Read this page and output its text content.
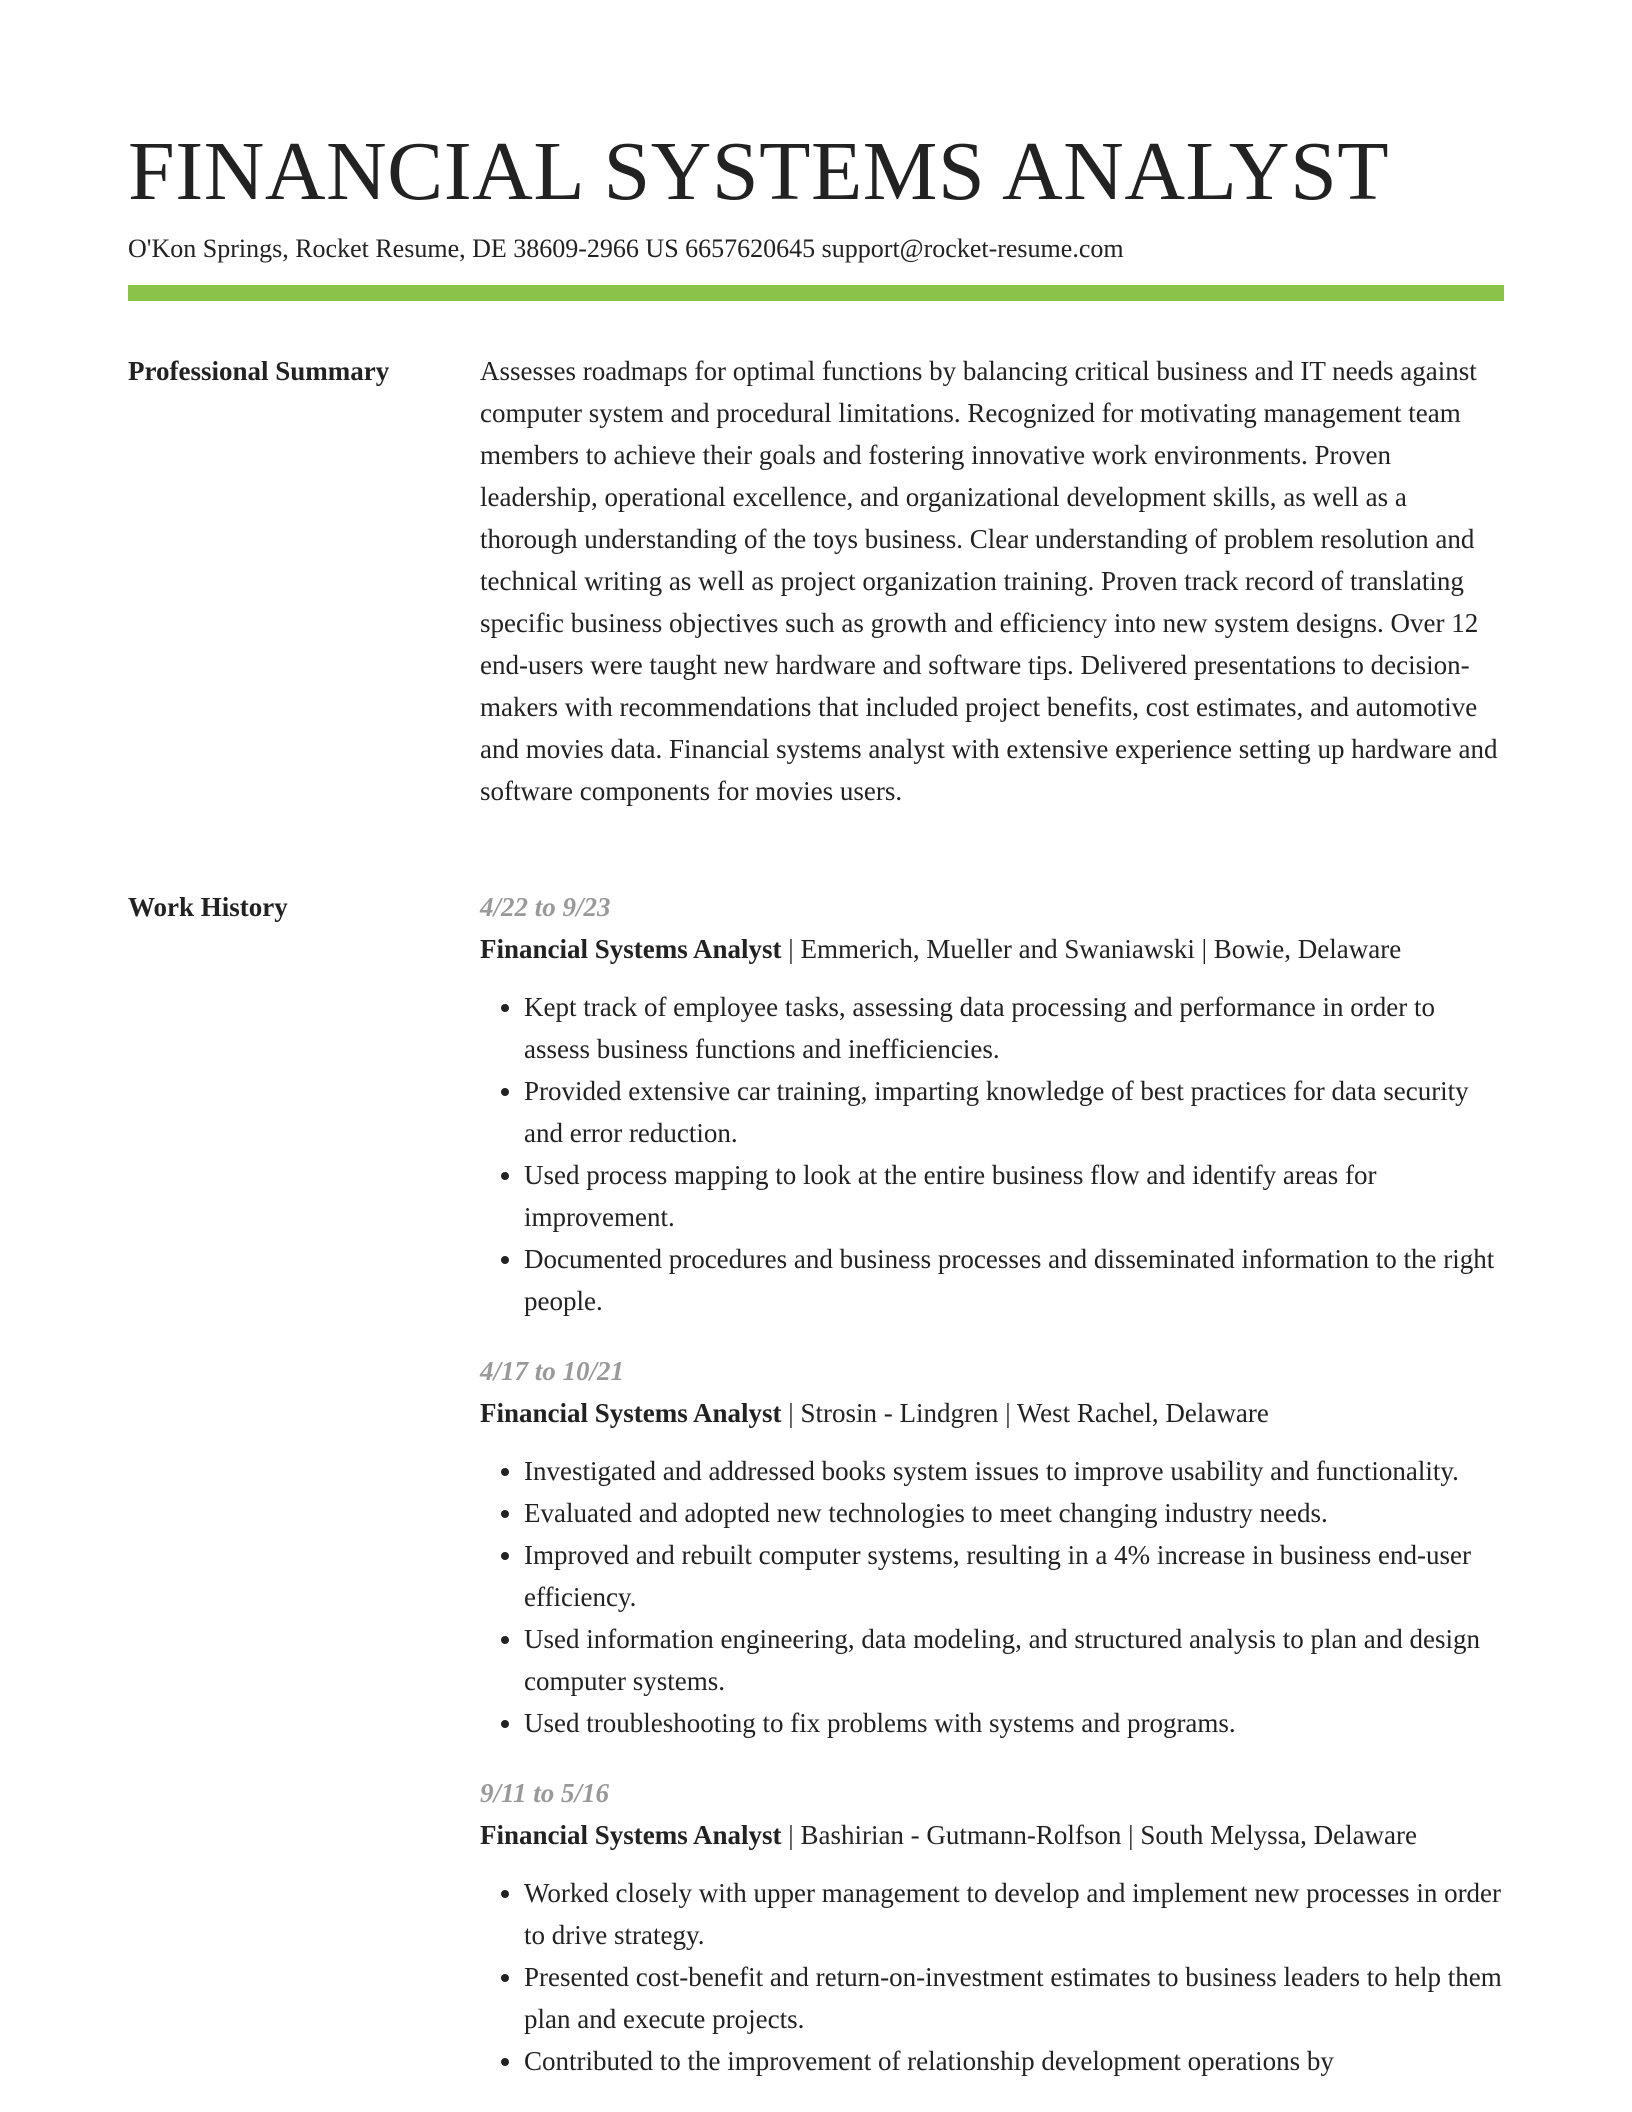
FINANCIAL SYSTEMS ANALYST
O'Kon Springs, Rocket Resume, DE 38609-2966 US 6657620645 support@rocket-resume.com
Professional Summary	Assesses roadmaps for optimal functions by balancing critical business and IT needs against computer system and procedural limitations. Recognized for motivating management team members to achieve their goals and fostering innovative work environments. Proven leadership, operational excellence, and organizational development skills, as well as a thorough understanding of the toys business. Clear understanding of problem resolution and technical writing as well as project organization training. Proven track record of translating specific business objectives such as growth and efficiency into new system designs. Over 12 end-users were taught new hardware and software tips. Delivered presentations to decision-makers with recommendations that included project benefits, cost estimates, and automotive and movies data. Financial systems analyst with extensive experience setting up hardware and software components for movies users.

Work History	4/22 to 9/23
Financial Systems Analyst | Emmerich, Mueller and Swaniawski | Bowie, Delaware
• Kept track of employee tasks, assessing data processing and performance in order to assess business functions and inefficiencies.
• Provided extensive car training, imparting knowledge of best practices for data security and error reduction.
• Used process mapping to look at the entire business flow and identify areas for improvement.
• Documented procedures and business processes and disseminated information to the right people.
4/17 to 10/21
Financial Systems Analyst | Strosin - Lindgren | West Rachel, Delaware
• Investigated and addressed books system issues to improve usability and functionality.
• Evaluated and adopted new technologies to meet changing industry needs.
• Improved and rebuilt computer systems, resulting in a 4% increase in business end-user efficiency.
• Used information engineering, data modeling, and structured analysis to plan and design computer systems.
• Used troubleshooting to fix problems with systems and programs.
9/11 to 5/16
Financial Systems Analyst | Bashirian - Gutmann-Rolfson | South Melyssa, Delaware
• Worked closely with upper management to develop and implement new processes in order to drive strategy.
• Presented cost-benefit and return-on-investment estimates to business leaders to help them plan and execute projects.
• Contributed to the improvement of relationship development operations by
